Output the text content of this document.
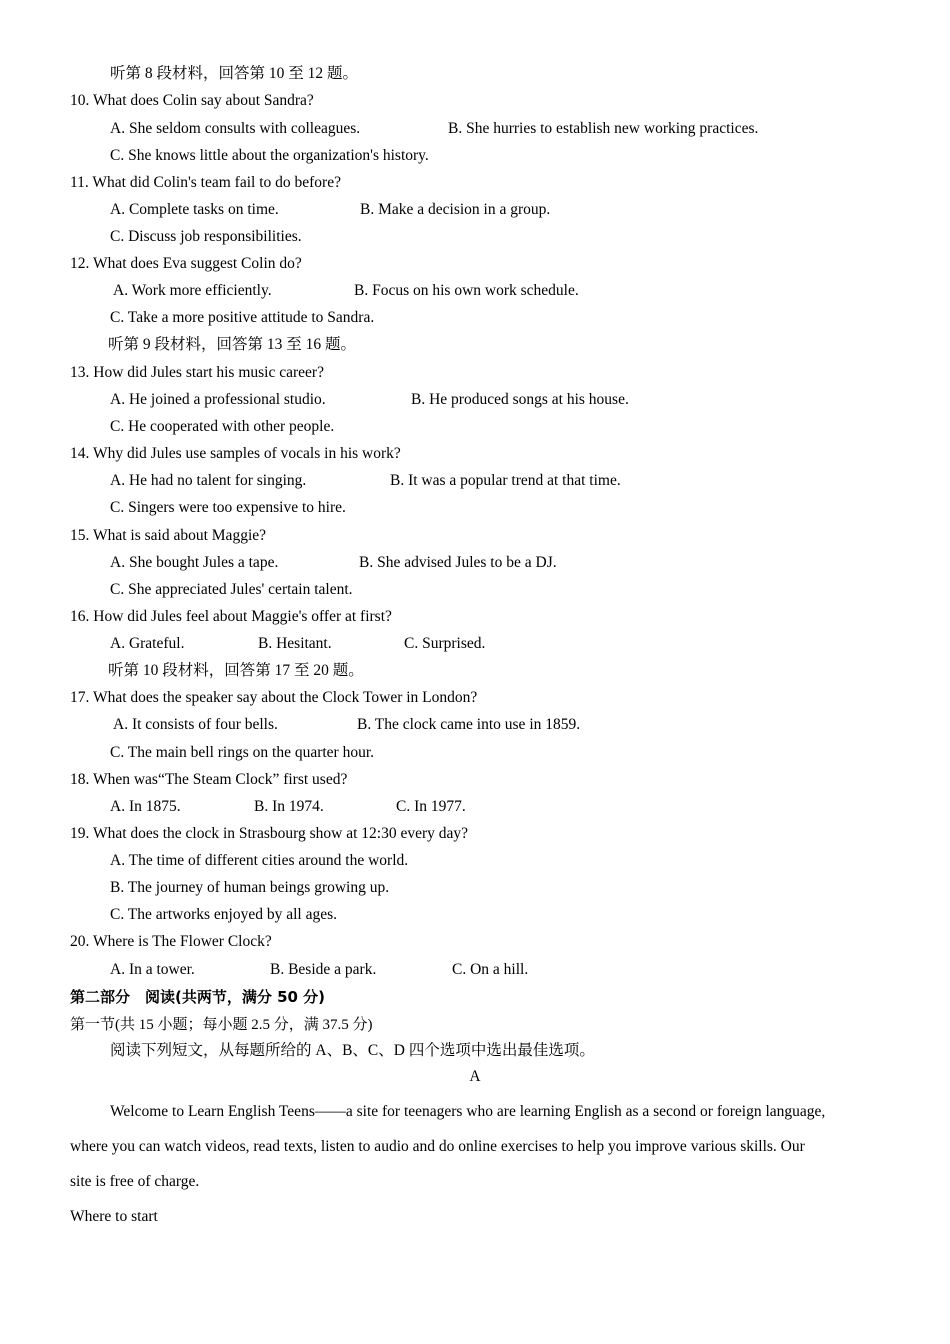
听第 8 段材料，回答第 10 至 12 题。
10. What does Colin say about Sandra?
A. She seldom consults with colleagues.	B. She hurries to establish new working practices.
C. She knows little about the organization's history.
11. What did Colin's team fail to do before?
A. Complete tasks on time.	B. Make a decision in a group.
C. Discuss job responsibilities.
12. What does Eva suggest Colin do?
A. Work more efficiently.	B. Focus on his own work schedule.
C. Take a more positive attitude to Sandra.
听第 9 段材料，回答第 13 至 16 题。
13. How did Jules start his music career?
A. He joined a professional studio.	B. He produced songs at his house.
C. He cooperated with other people.
14. Why did Jules use samples of vocals in his work?
A. He had no talent for singing.	B. It was a popular trend at that time.
C. Singers were too expensive to hire.
15. What is said about Maggie?
A. She bought Jules a tape.	B. She advised Jules to be a DJ.
C. She appreciated Jules' certain talent.
16. How did Jules feel about Maggie's offer at first?
A. Grateful.	B. Hesitant.	C. Surprised.
听第 10 段材料，回答第 17 至 20 题。
17. What does the speaker say about the Clock Tower in London?
A. It consists of four bells.	B. The clock came into use in 1859.
C. The main bell rings on the quarter hour.
18. When was“The Steam Clock” first used?
A. In 1875.	B. In 1974.	C. In 1977.
19. What does the clock in Strasbourg show at 12:30 every day?
A. The time of different cities around the world.
B. The journey of human beings growing up.
C. The artworks enjoyed by all ages.
20. Where is The Flower Clock?
A. In a tower.	B. Beside a park.	C. On a hill.
第二部分　阅读(共两节，满分 50 分)
第一节(共 15 小题；每小题 2.5 分，满 37.5 分)
阅读下列短文，从每题所给的 A、B、C、D 四个选项中选出最佳选项。
A
Welcome to Learn English Teens——a site for teenagers who are learning English as a second or foreign language,
where you can watch videos, read texts, listen to audio and do online exercises to help you improve various skills. Our
site is free of charge.
Where to start
